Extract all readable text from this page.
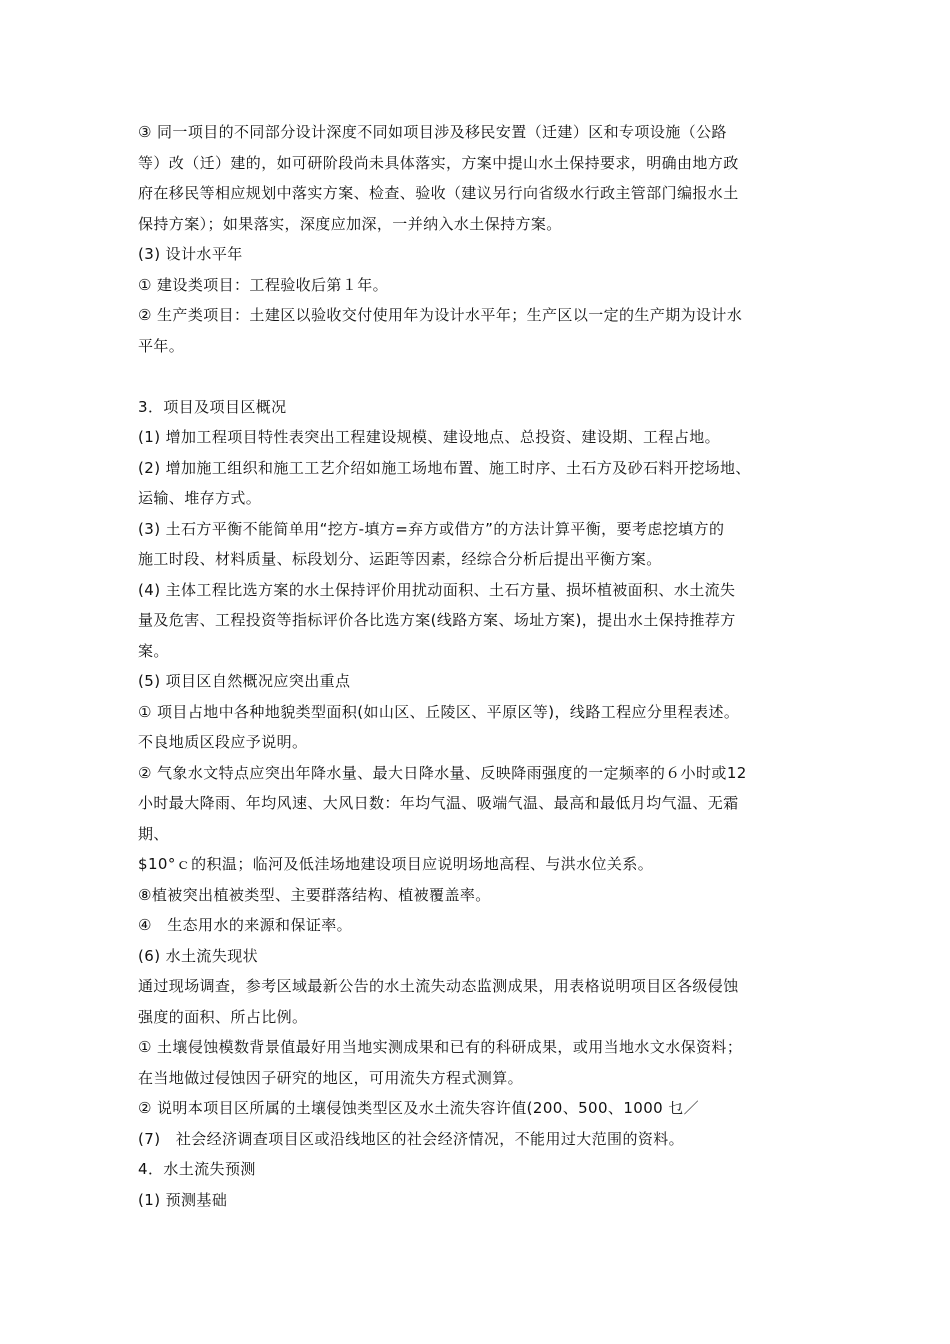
③ 同一项目的不同部分设计深度不同如项目涉及移民安置（迁建）区和专项设施（公路
等）改（迁）建的，如可研阶段尚未具体落实，方案中提山水土保持要求，明确由地方政
府在移民等相应规划中落实方案、检查、验收（建议另行向省级水行政主管部门编报水土
保持方案）；如果落实，深度应加深，一并纳入水土保持方案。
(3) 设计水平年
① 建设类项目：工程验收后第１年。
② 生产类项目：土建区以验收交付使用年为设计水平年；生产区以一定的生产期为设计水
平年。
3．项目及项目区概况
(1) 增加工程项目特性表突出工程建设规模、建设地点、总投资、建设期、工程占地。
(2) 增加施工组织和施工工艺介绍如施工场地布置、施工时序、土石方及砂石料开挖场地、
运输、堆存方式。
(3) 土石方平衡不能简单用“挖方-填方=弃方或借方”的方法计算平衡，要考虑挖填方的
施工时段、材料质量、标段划分、运距等因素，经综合分析后提出平衡方案。
(4) 主体工程比选方案的水土保持评价用扰动面积、土石方量、损坏植被面积、水土流失
量及危害、工程投资等指标评价各比选方案(线路方案、场址方案)，提出水土保持推荐方
案。
(5) 项目区自然概况应突出重点
① 项目占地中各种地貌类型面积(如山区、丘陵区、平原区等)，线路工程应分里程表述。
不良地质区段应予说明。
② 气象水文特点应突出年降水量、最大日降水量、反映降雨强度的一定频率的６小时或12
小时最大降雨、年均风速、大风日数：年均气温、吸端气温、最高和最低月均气温、无霜
期、
$10°ｃ的积温；临河及低洼场地建设项目应说明场地高程、与洪水位关系。
⑧植被突出植被类型、主要群落结构、植被覆盖率。
④　生态用水的来源和保证率。
(6) 水土流失现状
通过现场调查，参考区域最新公告的水土流失动态监测成果，用表格说明项目区各级侵蚀
强度的面积、所占比例。
① 土壤侵蚀模数背景值最好用当地实测成果和已有的科研成果，或用当地水文水保资料；
在当地做过侵蚀因子研究的地区，可用流失方程式测算。
② 说明本项目区所属的土壤侵蚀类型区及水土流失容许值(200、500、1000 乜／
(7)　社会经济调查项目区或沿线地区的社会经济情况，不能用过大范围的资料。
4．水土流失预测
(1) 预测基础
